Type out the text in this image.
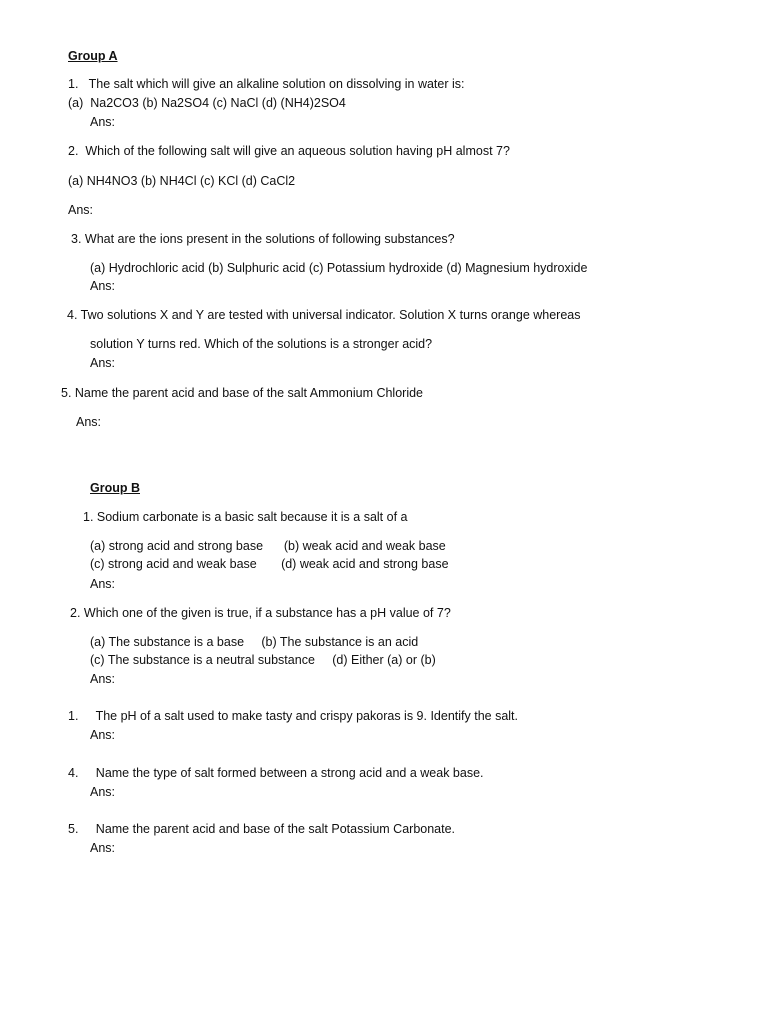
Group A
1.   The salt which will give an alkaline solution on dissolving in water is:
(a)  Na2CO3 (b) Na2SO4 (c) NaCl (d) (NH4)2SO4
Ans:
2.  Which of the following salt will give an aqueous solution having pH almost 7?
(a) NH4NO3 (b) NH4Cl (c) KCl (d) CaCl2
Ans:
3. What are the ions present in the solutions of following substances?
(a) Hydrochloric acid (b) Sulphuric acid (c) Potassium hydroxide (d) Magnesium hydroxide
Ans:
4. Two solutions X and Y are tested with universal indicator. Solution X turns orange whereas
solution Y turns red. Which of the solutions is a stronger acid?
Ans:
5. Name the parent acid and base of the salt Ammonium Chloride
Ans:
Group B
1. Sodium carbonate is a basic salt because it is a salt of a
(a) strong acid and strong base      (b) weak acid and weak base
(c) strong acid and weak base       (d) weak acid and strong base
Ans:
2. Which one of the given is true, if a substance has a pH value of 7?
(a) The substance is a base     (b) The substance is an acid
(c) The substance is a neutral substance     (d) Either (a) or (b)
Ans:
1.     The pH of a salt used to make tasty and crispy pakoras is 9. Identify the salt.
Ans:
4.     Name the type of salt formed between a strong acid and a weak base.
Ans:
5.     Name the parent acid and base of the salt Potassium Carbonate.
Ans:
